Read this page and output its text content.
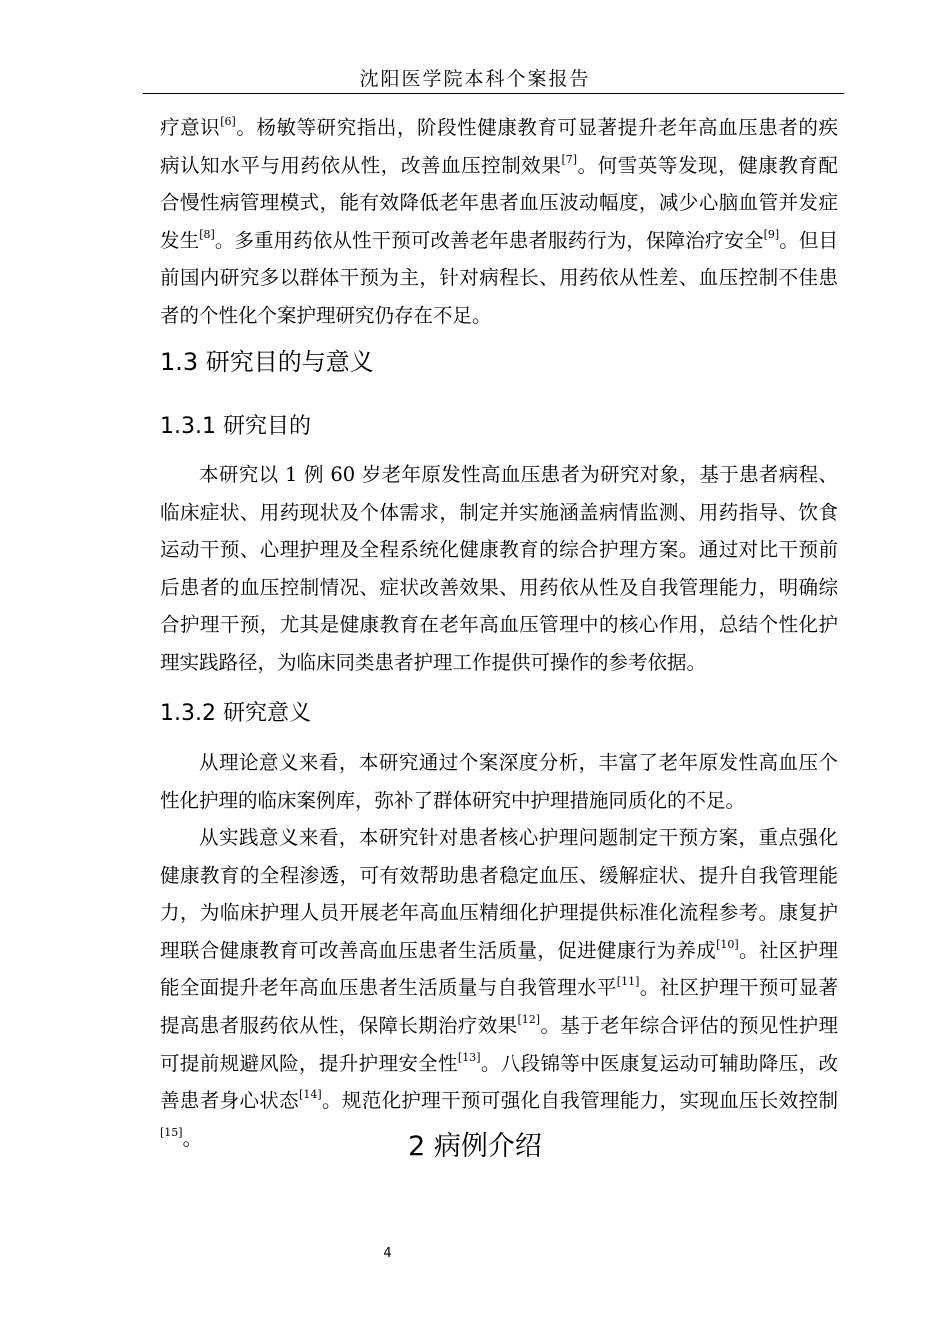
沈阳医学院本科个案报告

疗意识[6]。杨敏等研究指出，阶段性健康教育可显著提升老年高血压患者的疾病认知水平与用药依从性，改善血压控制效果[7]。何雪英等发现，健康教育配合慢性病管理模式，能有效降低老年患者血压波动幅度，减少心脑血管并发症发生[8]。多重用药依从性干预可改善老年患者服药行为，保障治疗安全[9]。但目前国内研究多以群体干预为主，针对病程长、用药依从性差、血压控制不佳患者的个性化个案护理研究仍存在不足。

1.3 研究目的与意义
1.3.1 研究目的

本研究以 1 例 60 岁老年原发性高血压患者为研究对象，基于患者病程、临床症状、用药现状及个体需求，制定并实施涵盖病情监测、用药指导、饮食运动干预、心理护理及全程系统化健康教育的综合护理方案。通过对比干预前后患者的血压控制情况、症状改善效果、用药依从性及自我管理能力，明确综合护理干预，尤其是健康教育在老年高血压管理中的核心作用，总结个性化护理实践路径，为临床同类患者护理工作提供可操作的参考依据。

1.3.2 研究意义

从理论意义来看，本研究通过个案深度分析，丰富了老年原发性高血压个性化护理的临床案例库，弥补了群体研究中护理措施同质化的不足。

从实践意义来看，本研究针对患者核心护理问题制定干预方案，重点强化健康教育的全程渗透，可有效帮助患者稳定血压、缓解症状、提升自我管理能力，为临床护理人员开展老年高血压精细化护理提供标准化流程参考。康复护理联合健康教育可改善高血压患者生活质量，促进健康行为养成[10]。社区护理能全面提升老年高血压患者生活质量与自我管理水平[11]。社区护理干预可显著提高患者服药依从性，保障长期治疗效果[12]。基于老年综合评估的预见性护理可提前规避风险，提升护理安全性[13]。八段锦等中医康复运动可辅助降压，改善患者身心状态[14]。规范化护理干预可强化自我管理能力，实现血压长效控制[15]。	2 病例介绍
4
